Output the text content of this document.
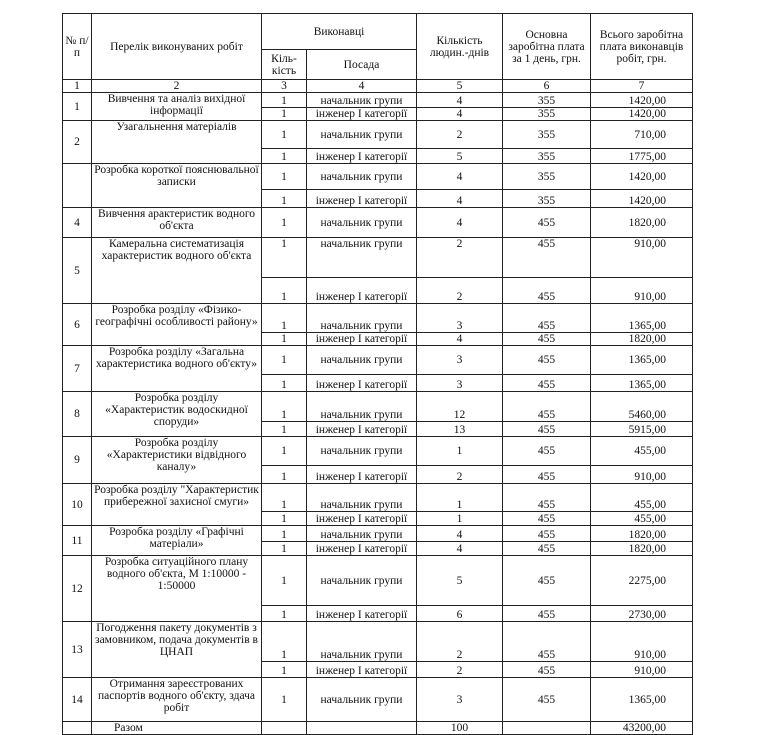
№ п/п	Перелік виконуваних робіт	Виконавці		Кількість людин.-днів	Основна заробітна плата за 1 день, грн.	Всього заробітна плата виконавців робіт, грн.
		Кіль-кість	Посада			
1	2	3	4	5	6	7
1	Вивчення та аналіз вихідної інформації	1	начальник групи	4	355	1420,00
		1	інженер І категорії	4	355	1420,00
2	Узагальнення матеріалів	1	начальник групи	2	355	710,00
		1	інженер І категорії	5	355	1775,00
	Розробка короткої пояснювальної записки	1	начальник групи	4	355	1420,00
		1	інженер І категорії	4	355	1420,00
4	Вивчення арактеристик водного об'єкта	1	начальник групи	4	455	1820,00
5	Камеральна систематизація характеристик водного об'єкта	1	начальник групи	2	455	910,00
		1	інженер І категорії	2	455	910,00
6	Розробка розділу «Фізико-географічні особливості району»	1	начальник групи	3	455	1365,00
		1	інженер І категорії	4	455	1820,00
7	Розробка розділу «Загальна характеристика водного об'єкту»	1	начальник групи	3	455	1365,00
		1	інженер І категорії	3	455	1365,00
8	Розробка розділу «Характеристик водоскидної споруди»	1	начальник групи	12	455	5460,00
		1	інженер І категорії	13	455	5915,00
9	Розробка розділу «Характеристики відвідного каналу»	1	начальник групи	1	455	455,00
		1	інженер І категорії	2	455	910,00
10	Розробка розділу "Характеристик прибережної захисної смуги»	1	начальник групи	1	455	455,00
		1	інженер І категорії	1	455	455,00
11	Розробка розділу «Графічні матеріали»	1	начальник групи	4	455	1820,00
		1	інженер І категорії	4	455	1820,00
12	Розробка ситуаційного плану водного об'єкта, М 1:10000 - 1:50000	1	начальник групи	5	455	2275,00
		1	інженер І категорії	6	455	2730,00
13	Погодження пакету документів з замовником, подача документів в ЦНАП	1	начальник групи	2	455	910,00
		1	інженер І категорії	2	455	910,00
14	Отримання зареєстрованих паспортів водного об'єкту, здача робіт	1	начальник групи	3	455	1365,00
	Разом			100		43200,00
